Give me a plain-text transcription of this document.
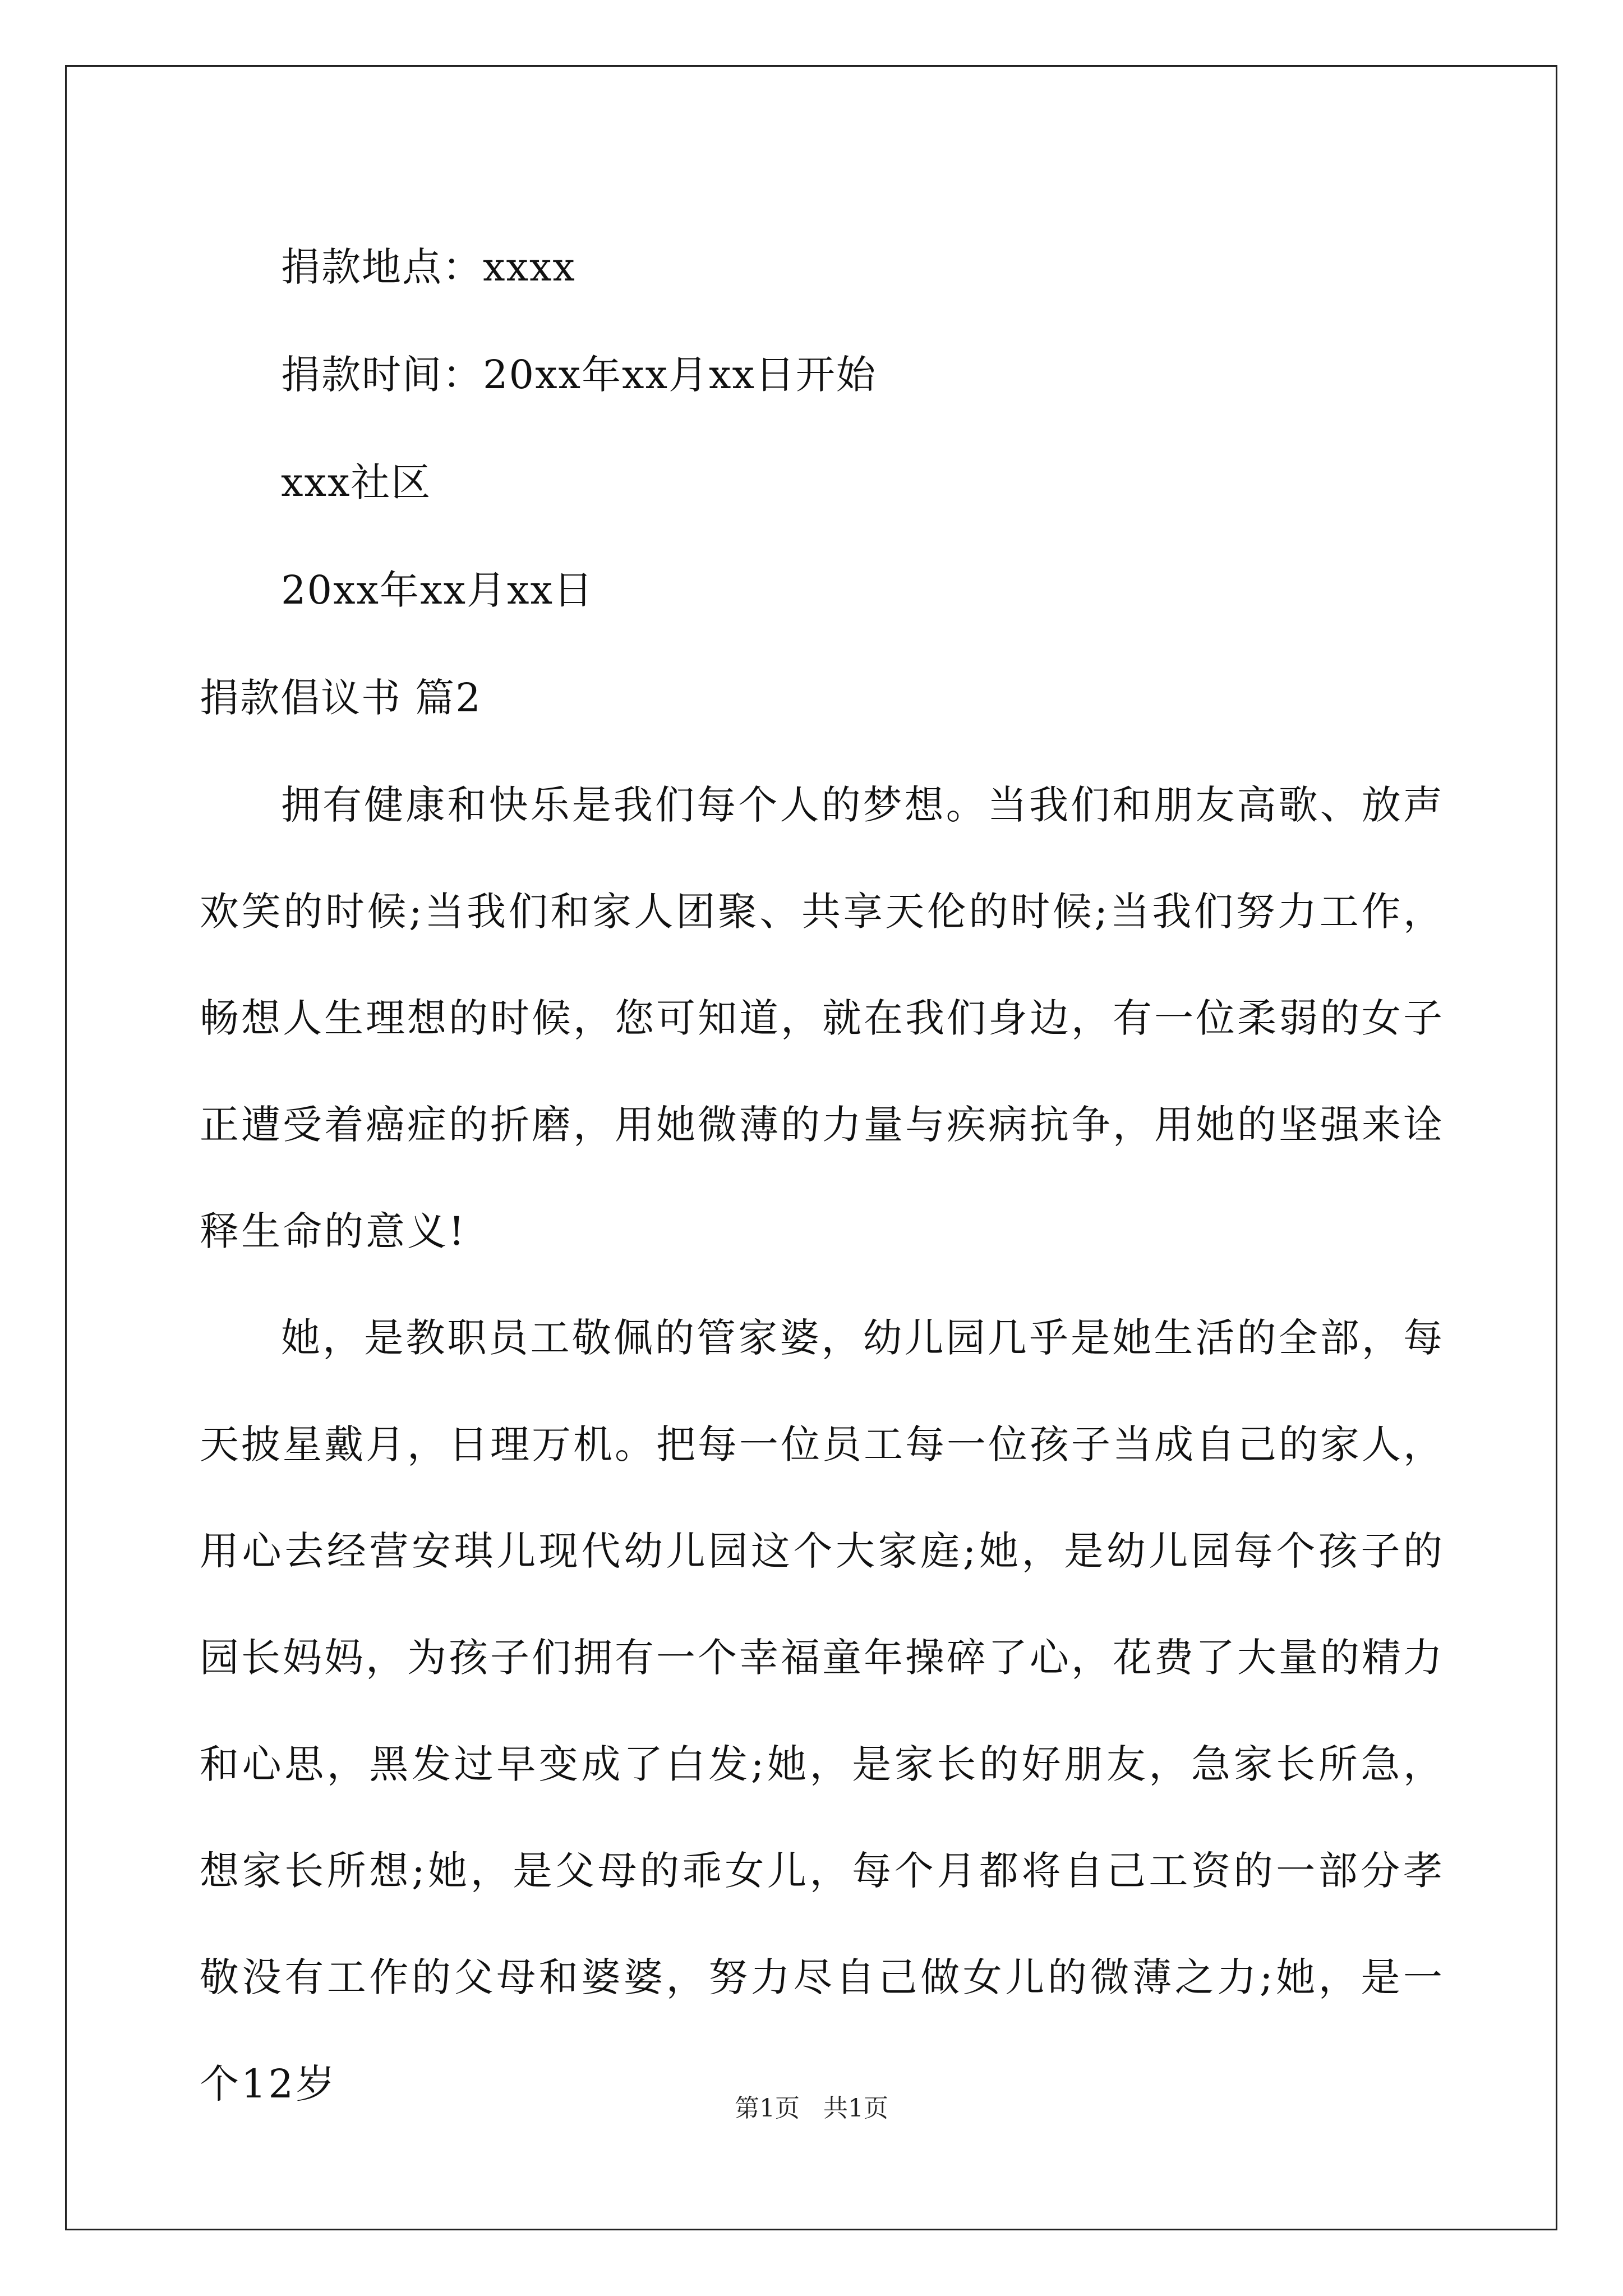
捐款地点：xxxx
捐款时间：20xx年xx月xx日开始
xxx社区
20xx年xx月xx日
捐款倡议书 篇2

拥有健康和快乐是我们每个人的梦想。当我们和朋友高歌、放声欢笑的时候;当我们和家人团聚、共享天伦的时候;当我们努力工作，畅想人生理想的时候，您可知道，就在我们身边，有一位柔弱的女子正遭受着癌症的折磨，用她微薄的力量与疾病抗争，用她的坚强来诠释生命的意义!

她，是教职员工敬佩的管家婆，幼儿园几乎是她生活的全部，每天披星戴月，日理万机。把每一位员工每一位孩子当成自己的家人，用心去经营安琪儿现代幼儿园这个大家庭;她，是幼儿园每个孩子的园长妈妈，为孩子们拥有一个幸福童年操碎了心，花费了大量的精力和心思，黑发过早变成了白发;她，是家长的好朋友，急家长所急，想家长所想;她，是父母的乖女儿，每个月都将自己工资的一部分孝敬没有工作的父母和婆婆，努力尽自己做女儿的微薄之力;她，是一个12岁

第1页 共1页
